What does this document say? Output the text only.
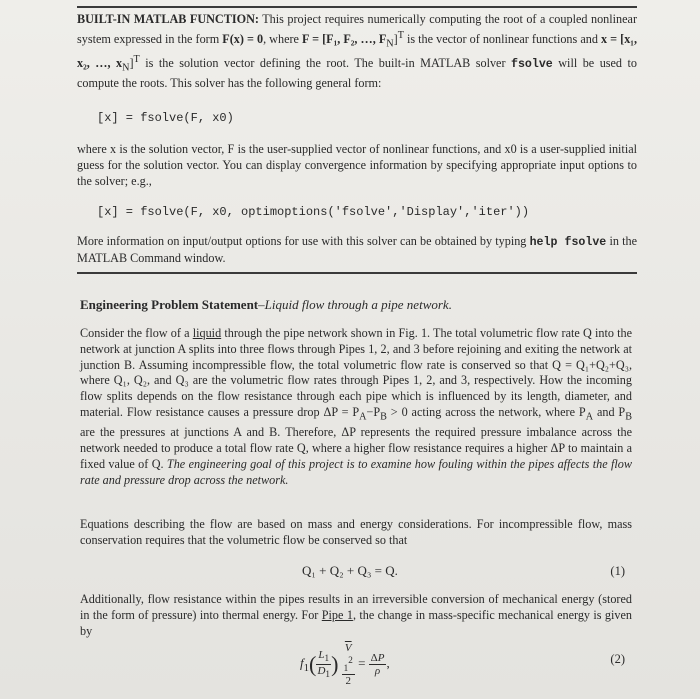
BUILT-IN MATLAB FUNCTION: This project requires numerically computing the root of a coupled nonlinear system expressed in the form F(x) = 0, where F = [F₁, F₂, …, $F_N]^T$ is the vector of nonlinear functions and x = [x₁, x₂, …, $x_N]^T$ is the solution vector defining the root. The built-in MATLAB solver fsolve will be used to compute the roots. This solver has the following general form:
[x] = fsolve(F, x0)
where x is the solution vector, F is the user-supplied vector of nonlinear functions, and x0 is a user-supplied initial guess for the solution vector. You can display convergence information by specifying appropriate input options to the solver; e.g.,
[x] = fsolve(F, x0, optimoptions('fsolve','Display','iter'))
More information on input/output options for use with this solver can be obtained by typing help fsolve in the MATLAB Command window.
Engineering Problem Statement–Liquid flow through a pipe network.
Consider the flow of a liquid through the pipe network shown in Fig. 1. The total volumetric flow rate Q into the network at junction A splits into three flows through Pipes 1, 2, and 3 before rejoining and exiting the network at junction B. Assuming incompressible flow, the total volumetric flow rate is conserved so that Q = Q₁+Q₂+Q₃, where Q₁, Q₂, and Q₃ are the volumetric flow rates through Pipes 1, 2, and 3, respectively. How the incoming flow splits depends on the flow resistance through each pipe which is influenced by its length, diameter, and material. Flow resistance causes a pressure drop $\Delta P = P_A-P_B > 0$ acting across the network, where $P_A$ and $P_B$ are the pressures at junctions A and B. Therefore, ΔP represents the required pressure imbalance across the network needed to produce a total flow rate Q, where a higher flow resistance requires a higher ΔP to maintain a fixed value of Q. The engineering goal of this project is to examine how fouling within the pipes affects the flow rate and pressure drop across the network.
Equations describing the flow are based on mass and energy considerations. For incompressible flow, mass conservation requires that the volumetric flow be conserved so that
Q₁ + Q₂ + Q₃ = Q.	(1)
Additionally, flow resistance within the pipes results in an irreversible conversion of mechanical energy (stored in the form of pressure) into thermal energy. For Pipe 1, the change in mass-specific mechanical energy is given by
$f_1( \frac{L_1}{D_1}$ ) $\overline{V}$
$_1^2$
$2 = \frac{\Delta P}{\rho}$ ,	(2)
